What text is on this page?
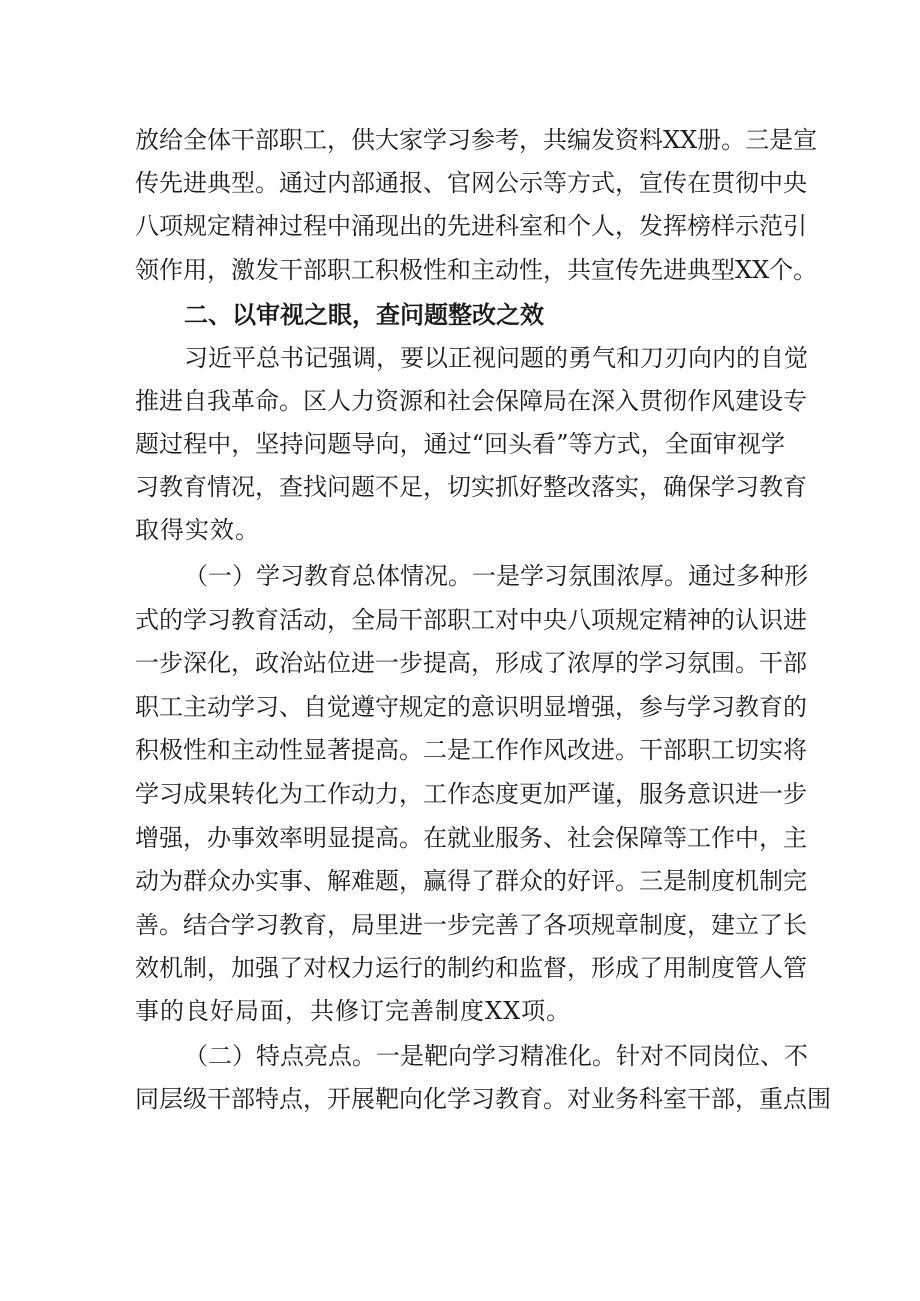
放给全体干部职工，供大家学习参考，共编发资料XX册。三是宣
传先进典型。通过内部通报、官网公示等方式，宣传在贯彻中央
八项规定精神过程中涌现出的先进科室和个人，发挥榜样示范引
领作用，激发干部职工积极性和主动性，共宣传先进典型XX个。
二、以审视之眼，查问题整改之效
习近平总书记强调，要以正视问题的勇气和刀刃向内的自觉
推进自我革命。区人力资源和社会保障局在深入贯彻作风建设专
题过程中，坚持问题导向，通过“回头看”等方式，全面审视学
习教育情况，查找问题不足，切实抓好整改落实，确保学习教育
取得实效。
（一）学习教育总体情况。一是学习氛围浓厚。通过多种形
式的学习教育活动，全局干部职工对中央八项规定精神的认识进
一步深化，政治站位进一步提高，形成了浓厚的学习氛围。干部
职工主动学习、自觉遵守规定的意识明显增强，参与学习教育的
积极性和主动性显著提高。二是工作作风改进。干部职工切实将
学习成果转化为工作动力，工作态度更加严谨，服务意识进一步
增强，办事效率明显提高。在就业服务、社会保障等工作中，主
动为群众办实事、解难题，赢得了群众的好评。三是制度机制完
善。结合学习教育，局里进一步完善了各项规章制度，建立了长
效机制，加强了对权力运行的制约和监督，形成了用制度管人管
事的良好局面，共修订完善制度XX项。
（二）特点亮点。一是靶向学习精准化。针对不同岗位、不
同层级干部特点，开展靶向化学习教育。对业务科室干部，重点围
